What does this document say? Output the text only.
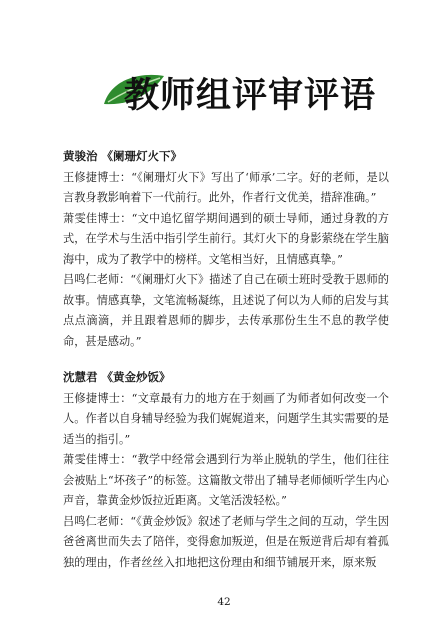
教师组评审评语
黄骏治 《阑珊灯火下》

王修捷博士：“《阑珊灯火下》写出了‘师承’二字。好的老师，是以言教身教影响着下一代前行。此外，作者行文优美，措辞准确。”

萧雯佳博士：“文中追忆留学期间遇到的硕士导师，通过身教的方式，在学术与生活中指引学生前行。其灯火下的身影萦绕在学生脑海中，成为了教学中的榜样。文笔相当好，且情感真挚。”

吕鸣仁老师：“《阑珊灯火下》描述了自己在硕士班时受教于恩师的故事。情感真挚，文笔流畅凝练，且述说了何以为人师的启发与其点点滴滴，并且跟着恩师的脚步，去传承那份生生不息的教学使命，甚是感动。”

沈慧君 《黄金炒饭》

王修捷博士：“文章最有力的地方在于刻画了为师者如何改变一个人。作者以自身辅导经验为我们娓娓道来，问题学生其实需要的是适当的指引。”

萧雯佳博士：“教学中经常会遇到行为举止脱轨的学生，他们往往会被贴上“坏孩子”的标签。这篇散文带出了辅导老师倾听学生内心声音，靠黄金炒饭拉近距离。文笔活泼轻松。”

吕鸣仁老师：“《黄金炒饭》叙述了老师与学生之间的互动，学生因爸爸离世而失去了陪伴，变得愈加叛逆，但是在叛逆背后却有着孤独的理由，作者丝丝入扣地把这份理由和细节铺展开来，原来叛

42
